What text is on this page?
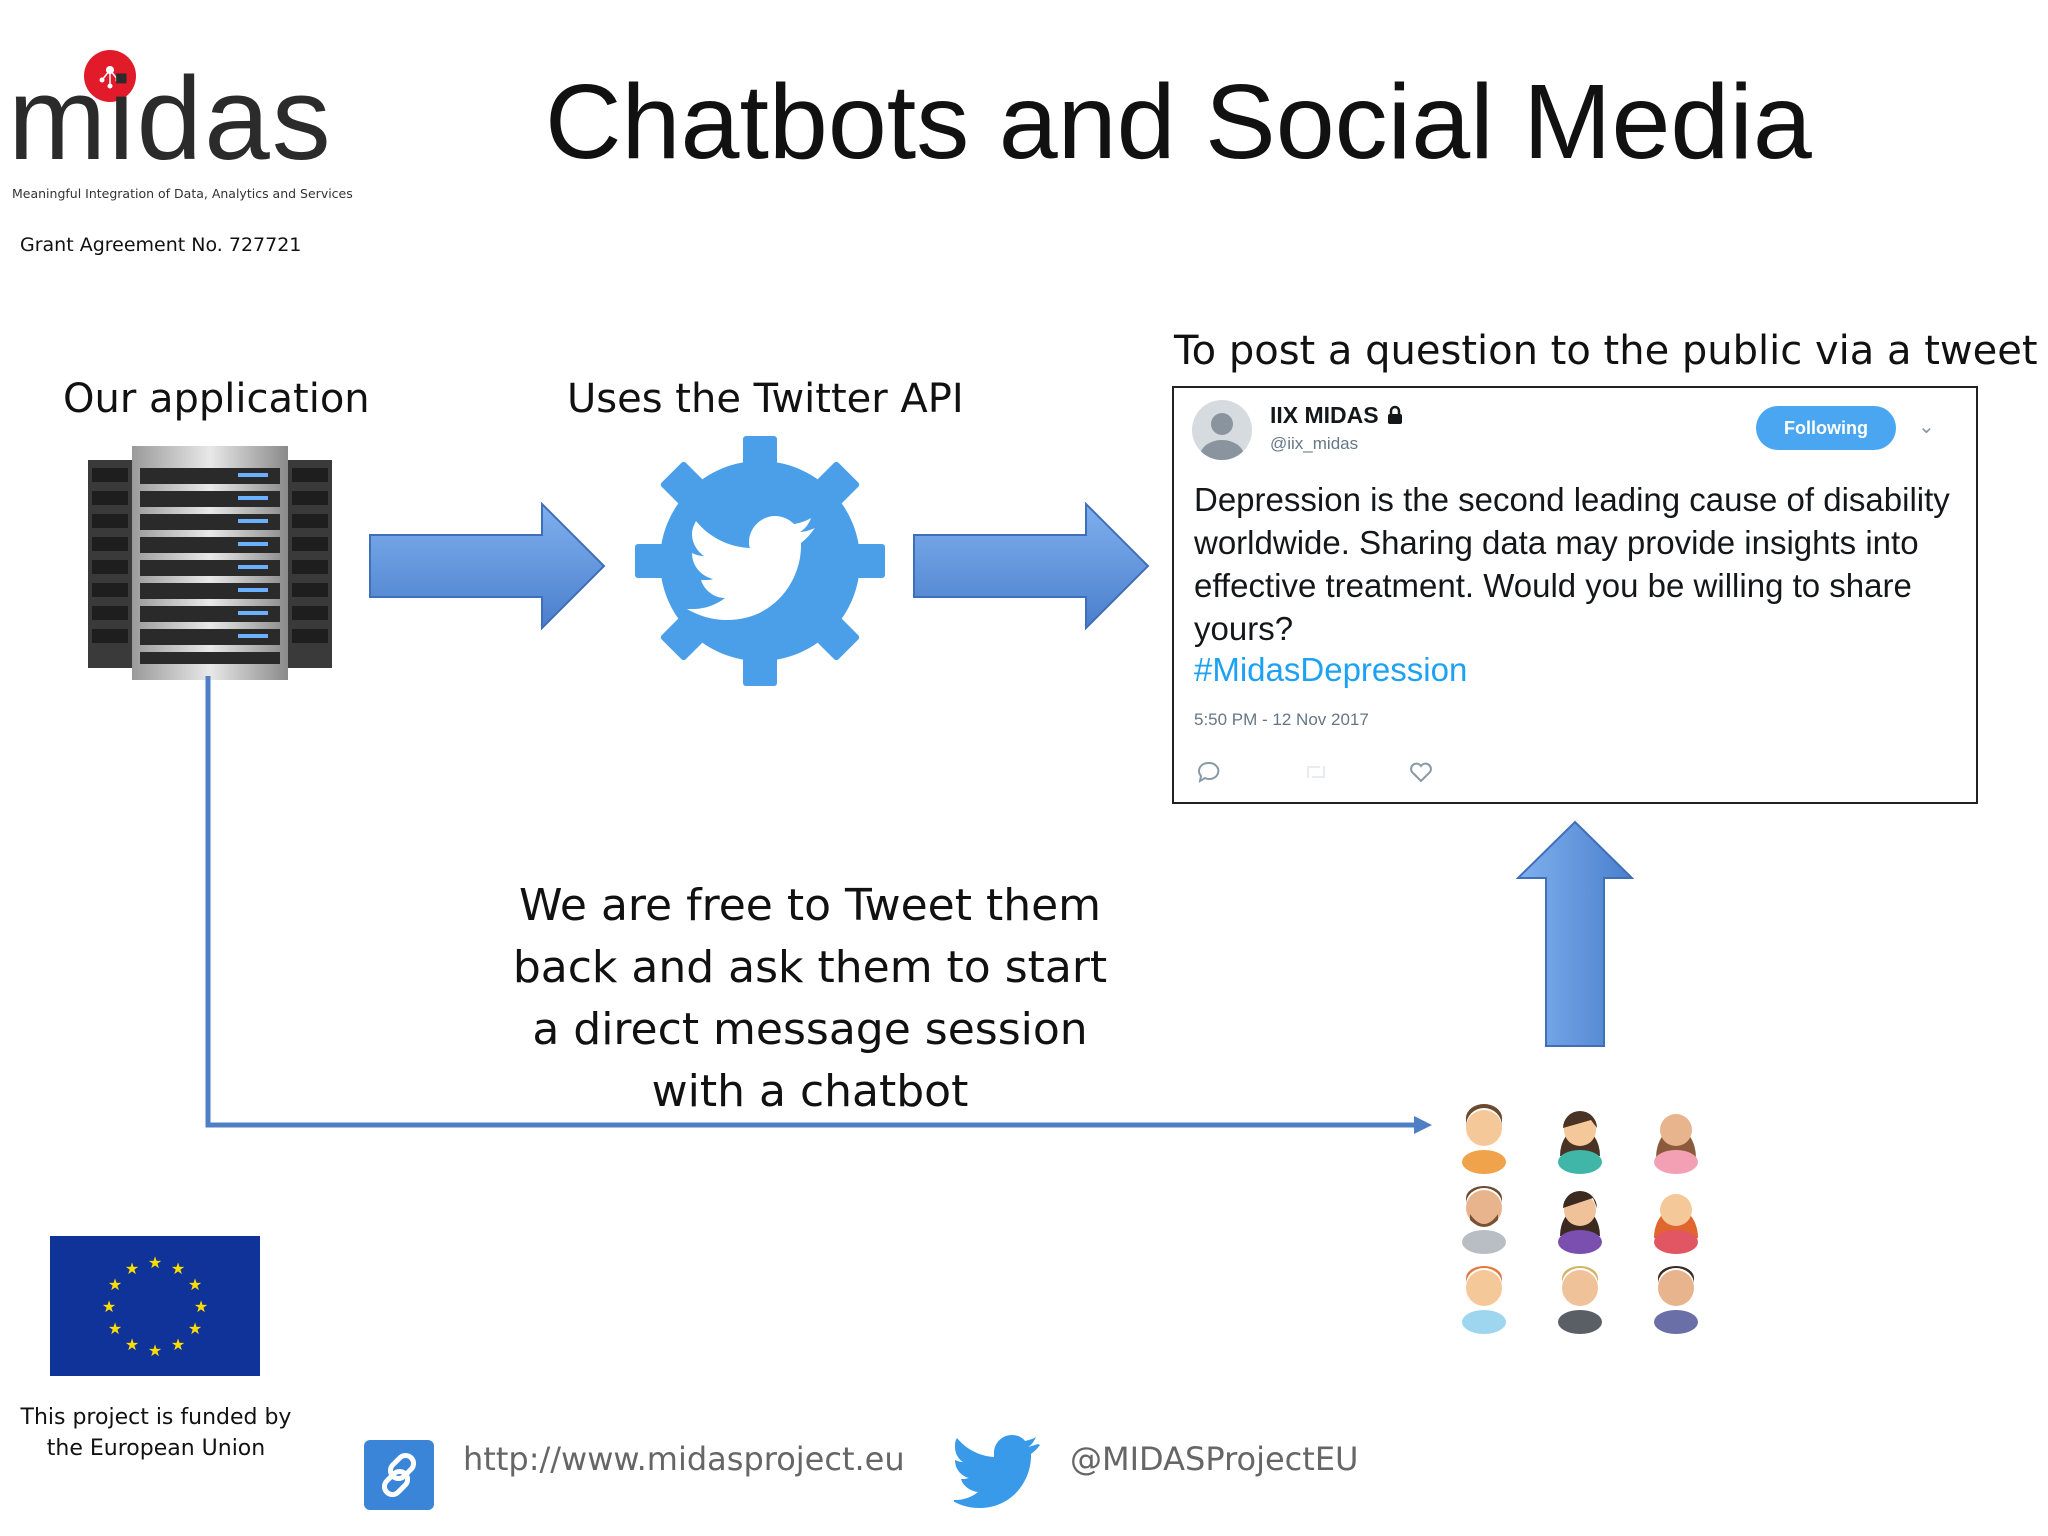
midas
Meaningful Integration of Data, Analytics and Services
Grant Agreement No. 727721
Chatbots and Social Media
Our application	Uses the Twitter API
To post a question to the public via a tweet
IIX MIDAS
@iix_midas
Following	⌄
Depression is the second leading cause of disability worldwide. Sharing data may provide insights into effective treatment. Would you be willing to share yours?
#MidasDepression
5:50 PM - 12 Nov 2017
We are free to Tweet them
back and ask them to start
a direct message session
with a chatbot
★ ★
★
★
★
★
★
★
★
★
★
★
This project is funded by
the European Union	http://www.midasproject.eu	@MIDASProjectEU
